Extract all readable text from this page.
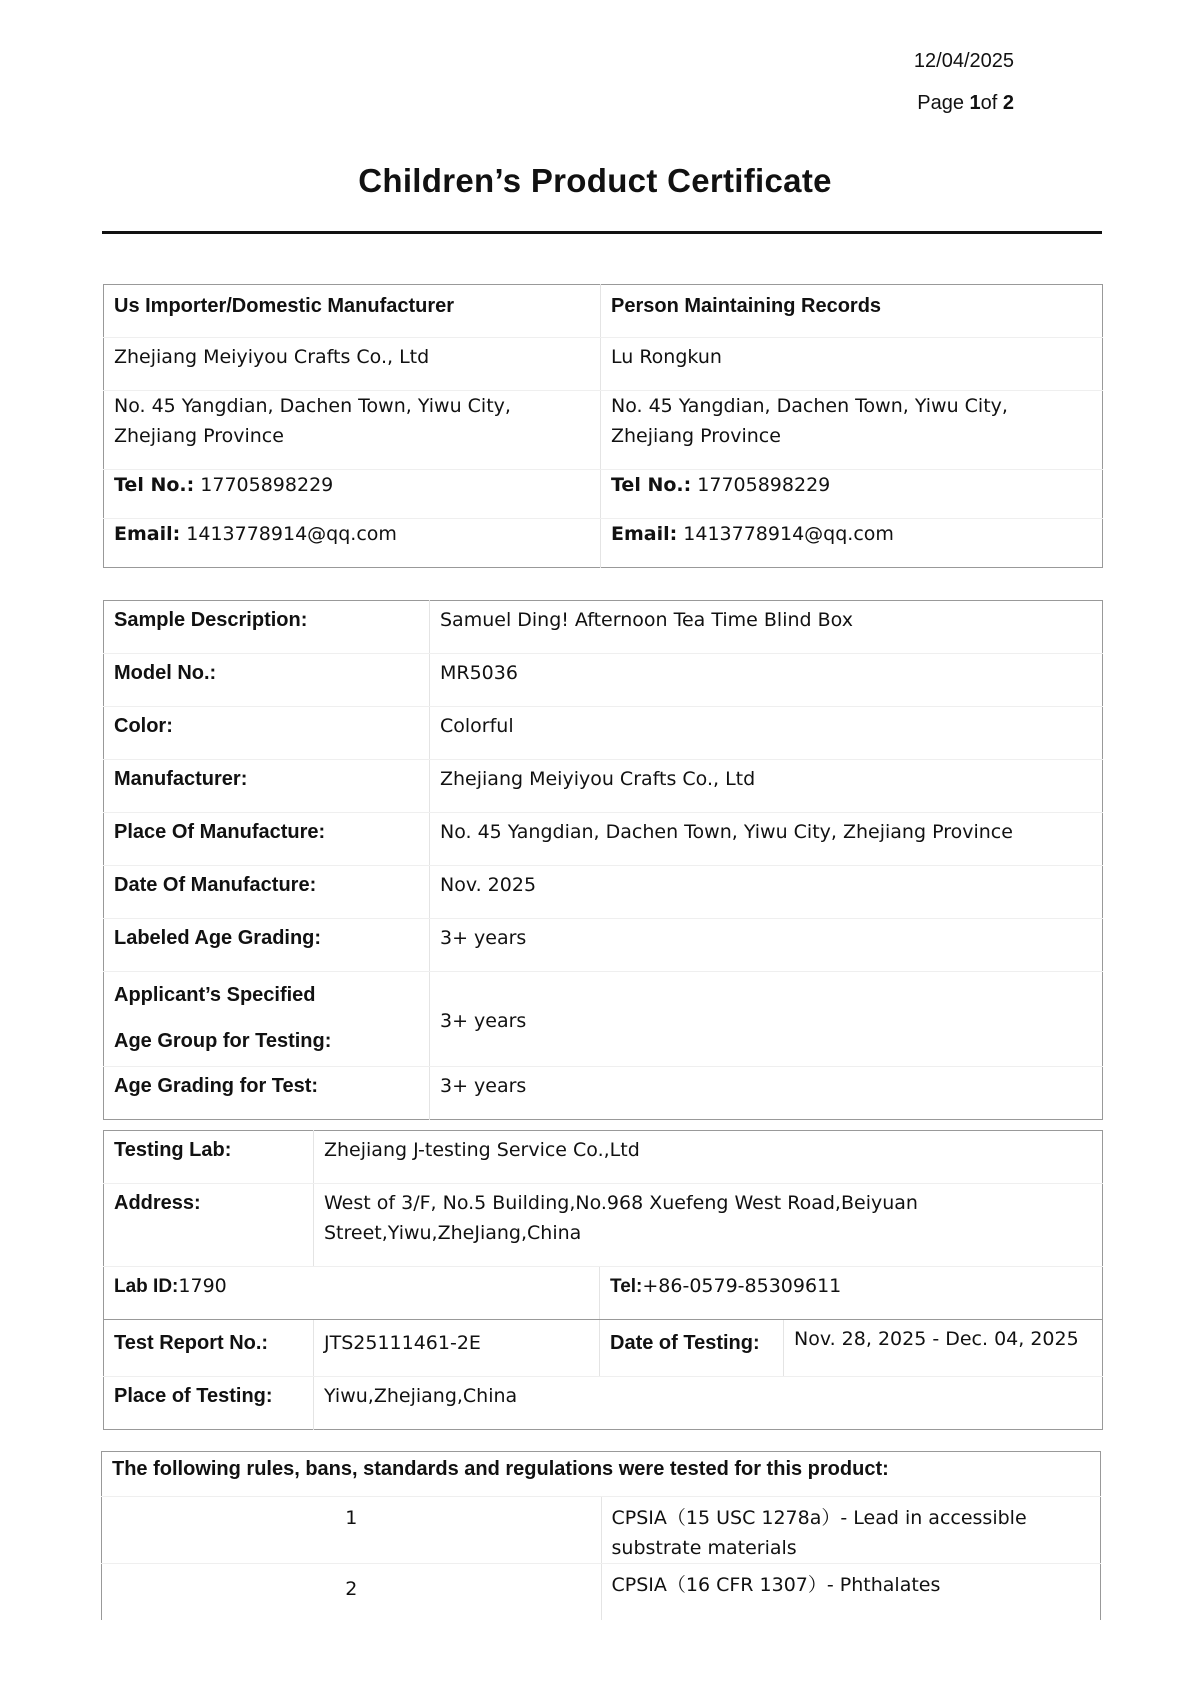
12/04/2025
Page 1of 2
Children’s Product Certificate
Us Importer/Domestic Manufacturer	Person Maintaining Records
Zhejiang Meiyiyou Crafts Co., Ltd	Lu Rongkun
No. 45 Yangdian, Dachen Town, Yiwu City, Zhejiang Province	No. 45 Yangdian, Dachen Town, Yiwu City, Zhejiang Province
Tel No.: 17705898229	Tel No.: 17705898229
Email: 1413778914@qq.com	Email: 1413778914@qq.com
Sample Description:	Samuel Ding! Afternoon Tea Time Blind Box
Model No.:	MR5036
Color:	Colorful
Manufacturer:	Zhejiang Meiyiyou Crafts Co., Ltd
Place Of Manufacture:	No. 45 Yangdian, Dachen Town, Yiwu City, Zhejiang Province
Date Of Manufacture:	Nov. 2025
Labeled Age Grading:	3+ years

Applicant’s Specified
Age Group for Testing:	3+ years
Age Grading for Test:	3+ years
Testing Lab:	Zhejiang J-testing Service Co.,Ltd		
Address:	West of 3/F, No.5 Building,No.968 Xuefeng West Road,Beiyuan Street,Yiwu,ZheJiang,China		

Lab ID:1790		Tel:+86-0579-85309611	
Test Report No.:	JTS25111461-2E	Date of Testing:	Nov. 28, 2025 - Dec. 04, 2025
Place of Testing:	Yiwu,Zhejiang,China		
The following rules, bans, standards and regulations were tested for this product:	
1	CPSIA（15 USC 1278a）- Lead in accessible substrate materials
2	CPSIA（16 CFR 1307）- Phthalates
